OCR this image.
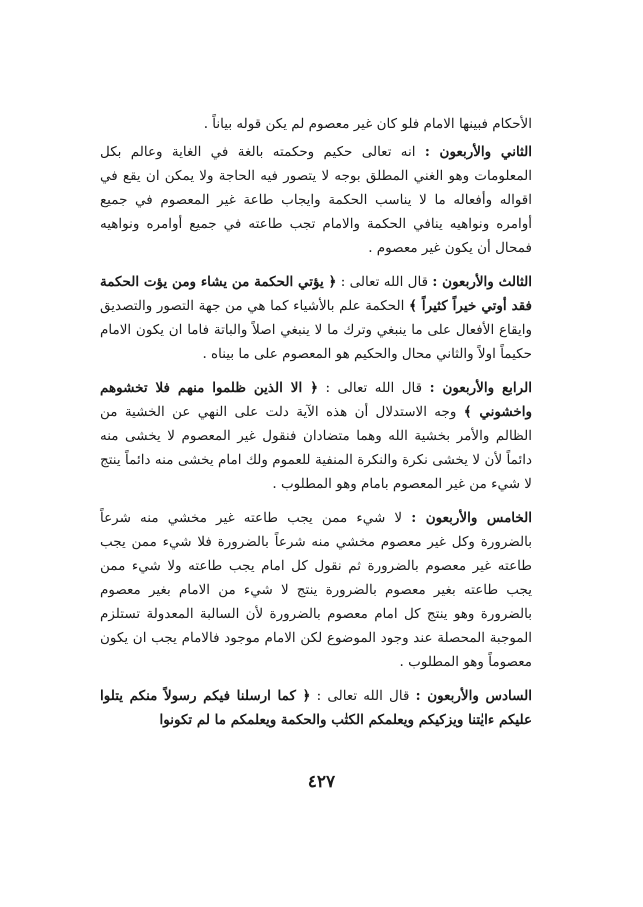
الأحكام فبينها الامام فلو كان غير معصوم لم يكن قوله بياناً .

الثاني والأربعون : انه تعالى حكيم وحكمته بالغة في الغاية وعالم بكل المعلومات وهو الغني المطلق بوجه لا يتصور فيه الحاجة ولا يمكن ان يقع في اقواله وأفعاله ما لا يناسب الحكمة وايجاب طاعة غير المعصوم في جميع أوامره ونواهيه ينافي الحكمة والامام تجب طاعته في جميع أوامره ونواهيه فمحال أن يكون غير معصوم .

الثالث والأربعون : قال الله تعالى : ﴿ يؤتي الحكمة من يشاء ومن يؤت الحكمة فقد أوتي خيراً كثيراً ﴾ الحكمة علم بالأشياء كما هي من جهة التصور والتصديق وايقاع الأفعال على ما ينبغي وترك ما لا ينبغي اصلاً والباتة فاما ان يكون الامام حكيماً اولاً والثاني محال والحكيم هو المعصوم على ما بيناه .

الرابع والأربعون : قال الله تعالى : ﴿ الا الذين ظلموا منهم فلا تخشوهم واخشوني ﴾ وجه الاستدلال أن هذه الآية دلت على النهي عن الخشية من الظالم والأمر بخشية الله وهما متضادان فنقول غير المعصوم لا يخشى منه دائماً لأن لا يخشى نكرة والنكرة المنفية للعموم ولك امام يخشى منه دائماً ينتج لا شيء من غير المعصوم بامام وهو المطلوب .

الخامس والأربعون : لا شيء ممن يجب طاعته غير مخشي منه شرعاً بالضرورة وكل غير معصوم مخشي منه شرعاً بالضرورة فلا شيء ممن يجب طاعته غير معصوم بالضرورة ثم نقول كل امام يجب طاعته ولا شيء ممن يجب طاعته بغير معصوم بالضرورة ينتج لا شيء من الامام بغير معصوم بالضرورة وهو ينتج كل امام معصوم بالضرورة لأن السالبة المعدولة تستلزم الموجبة المحصلة عند وجود الموضوع لكن الامام موجود فالامام يجب ان يكون معصوماً وهو المطلوب .

السادس والأربعون : قال الله تعالى : ﴿ كما ارسلنا فيكم رسولاً منكم يتلوا عليكم ءايٰتنا ويزكيكم ويعلمكم الكتٰب والحكمة ويعلمكم ما لم تكونوا

٤٢٧
